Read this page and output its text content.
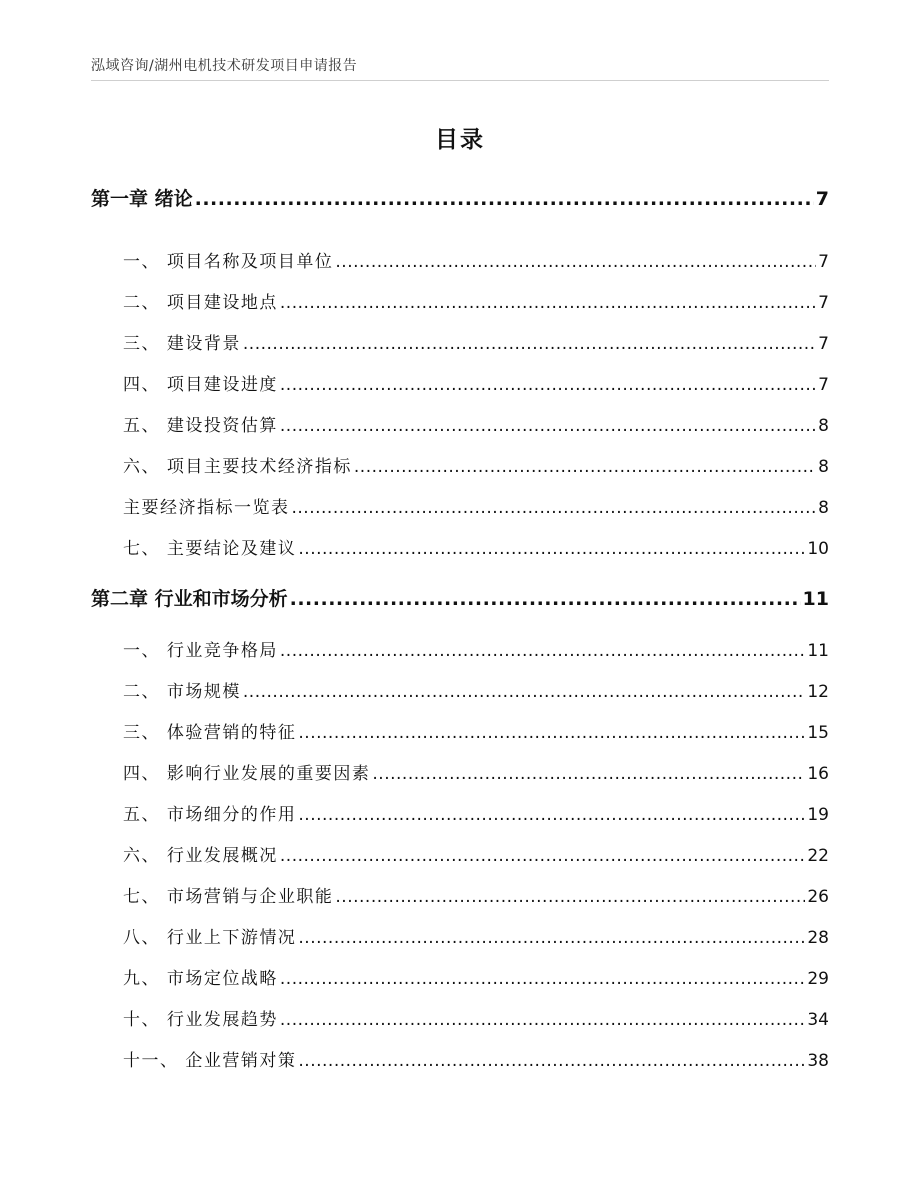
泓域咨询/湖州电机技术研发项目申请报告
目录
第一章 绪论 .....	7
一、 项目名称及项目单位 .....	7
二、 项目建设地点 .....	7
三、 建设背景 .....	7
四、 项目建设进度 .....	7
五、 建设投资估算 .....	8
六、 项目主要技术经济指标 .....	8
主要经济指标一览表 .....	8
七、 主要结论及建议 .....	10
第二章 行业和市场分析 .....	11
一、 行业竞争格局 .....	11
二、 市场规模 .....	12
三、 体验营销的特征 .....	15
四、 影响行业发展的重要因素 .....	16
五、 市场细分的作用 .....	19
六、 行业发展概况 .....	22
七、 市场营销与企业职能 .....	26
八、 行业上下游情况 .....	28
九、 市场定位战略 .....	29
十、 行业发展趋势 .....	34
十一、 企业营销对策 .....	38
